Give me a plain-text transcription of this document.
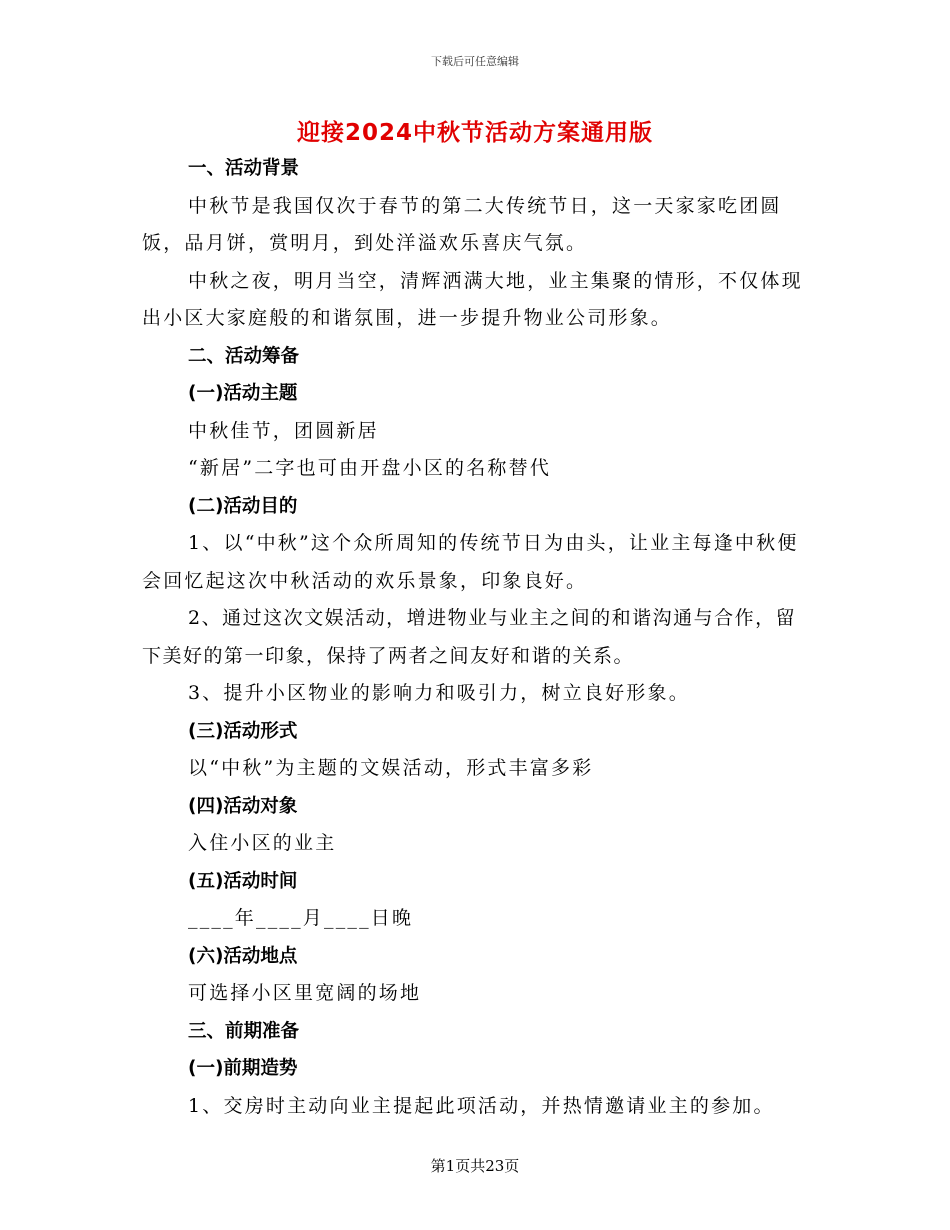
下载后可任意编辑
迎接2024中秋节活动方案通用版

一、活动背景

中秋节是我国仅次于春节的第二大传统节日，这一天家家吃团圆饭，品月饼，赏明月，到处洋溢欢乐喜庆气氛。

中秋之夜，明月当空，清辉洒满大地，业主集聚的情形，不仅体现出小区大家庭般的和谐氛围，进一步提升物业公司形象。

二、活动筹备

(一)活动主题

中秋佳节，团圆新居

“新居”二字也可由开盘小区的名称替代

(二)活动目的

1、以“中秋”这个众所周知的传统节日为由头，让业主每逢中秋便会回忆起这次中秋活动的欢乐景象，印象良好。

2、通过这次文娱活动，增进物业与业主之间的和谐沟通与合作，留下美好的第一印象，保持了两者之间友好和谐的关系。

3、提升小区物业的影响力和吸引力，树立良好形象。

(三)活动形式

以“中秋”为主题的文娱活动，形式丰富多彩

(四)活动对象

入住小区的业主

(五)活动时间

____年____月____日晚

(六)活动地点

可选择小区里宽阔的场地

三、前期准备

(一)前期造势

1、交房时主动向业主提起此项活动，并热情邀请业主的参加。

第1页共23页
